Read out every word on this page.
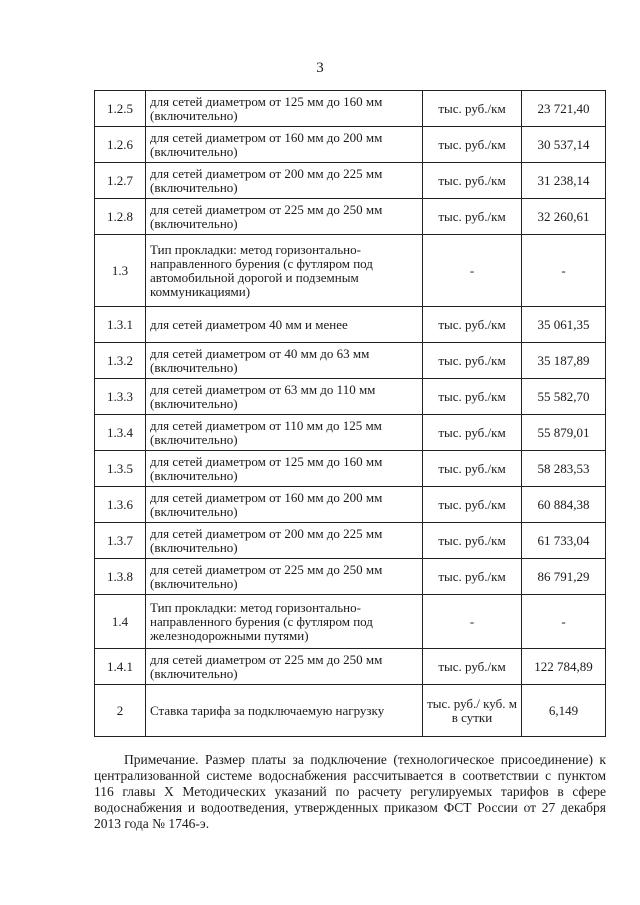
3
1.2.5	для сетей диаметром от 125 мм до 160 мм (включительно)	тыс. руб./км	23 721,40
1.2.6	для сетей диаметром от 160 мм до 200 мм (включительно)	тыс. руб./км	30 537,14
1.2.7	для сетей диаметром от 200 мм до 225 мм (включительно)	тыс. руб./км	31 238,14
1.2.8	для сетей диаметром от 225 мм до 250 мм (включительно)	тыс. руб./км	32 260,61
1.3	Тип прокладки: метод горизонтально-направленного бурения (с футляром под автомобильной дорогой и подземным коммуникациями)	-	-
1.3.1	для сетей диаметром 40 мм и менее	тыс. руб./км	35 061,35
1.3.2	для сетей диаметром от 40 мм до 63 мм (включительно)	тыс. руб./км	35 187,89
1.3.3	для сетей диаметром от 63 мм до 110 мм (включительно)	тыс. руб./км	55 582,70
1.3.4	для сетей диаметром от 110 мм до 125 мм (включительно)	тыс. руб./км	55 879,01
1.3.5	для сетей диаметром от 125 мм до 160 мм (включительно)	тыс. руб./км	58 283,53
1.3.6	для сетей диаметром от 160 мм до 200 мм (включительно)	тыс. руб./км	60 884,38
1.3.7	для сетей диаметром от 200 мм до 225 мм (включительно)	тыс. руб./км	61 733,04
1.3.8	для сетей диаметром от 225 мм до 250 мм (включительно)	тыс. руб./км	86 791,29
1.4	Тип прокладки: метод горизонтально-направленного бурения (с футляром под железнодорожными путями)	-	-
1.4.1	для сетей диаметром от 225 мм до 250 мм (включительно)	тыс. руб./км	122 784,89
2	Ставка тарифа за подключаемую нагрузку	тыс. руб./ куб. м в сутки	6,149

Примечание. Размер платы за подключение (технологическое присоединение) к централизованной системе водоснабжения рассчитывается в соответствии с пунктом 116 главы X Методических указаний по расчету регулируемых тарифов в сфере водоснабжения и водоотведения, утвержденных приказом ФСТ России от 27 декабря 2013 года № 1746-э.
